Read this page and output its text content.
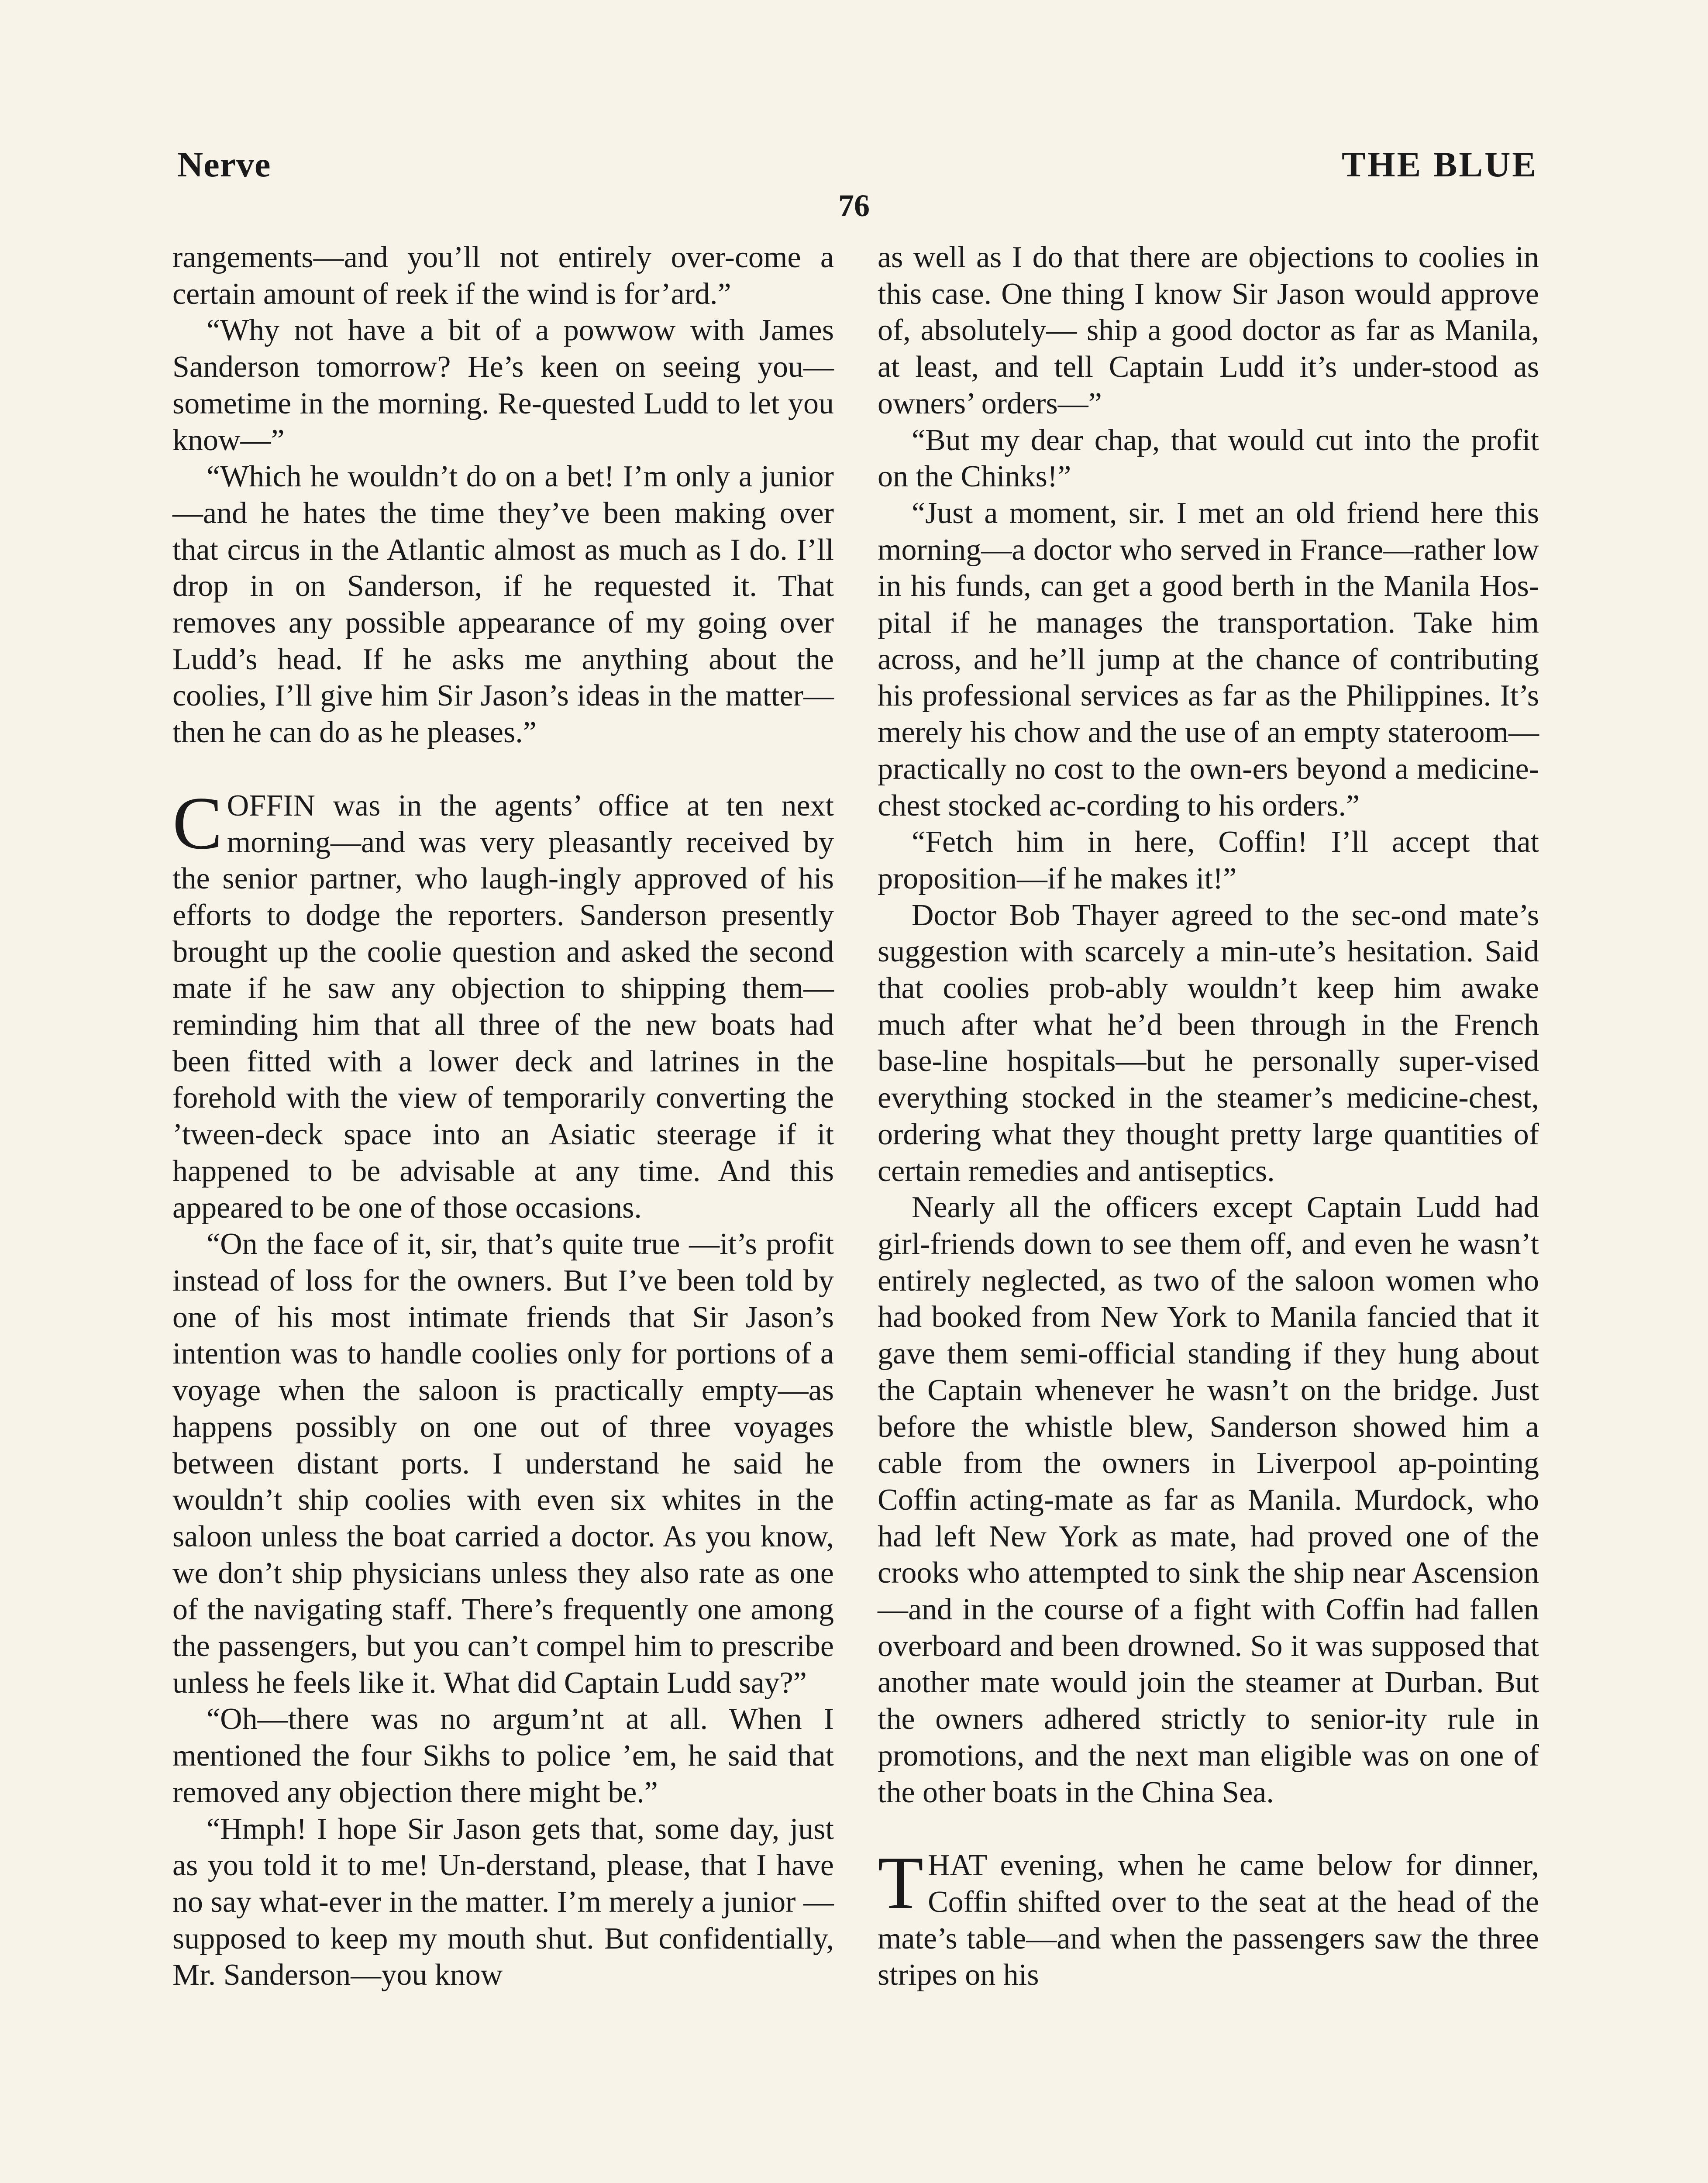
Nerve	THE BLUE
76

rangements—and you’ll not entirely over-come a certain amount of reek if the wind is for’ard.”

“Why not have a bit of a powwow with James Sanderson tomorrow? He’s keen on seeing you—sometime in the morning. Re-quested Ludd to let you know—”

“Which he wouldn’t do on a bet! I’m only a junior—and he hates the time they’ve been making over that circus in the Atlantic almost as much as I do. I’ll drop in on Sanderson, if he requested it. That removes any possible appearance of my going over Ludd’s head. If he asks me anything about the coolies, I’ll give him Sir Jason’s ideas in the matter—then he can do as he pleases.”

COFFIN was in the agents’ office at ten next morning—and was very pleasantly received by the senior partner, who laugh-ingly approved of his efforts to dodge the reporters. Sanderson presently brought up the coolie question and asked the second mate if he saw any objection to shipping them—reminding him that all three of the new boats had been fitted with a lower deck and latrines in the forehold with the view of temporarily converting the ’tween-deck space into an Asiatic steerage if it happened to be advisable at any time. And this appeared to be one of those occasions.

“On the face of it, sir, that’s quite true —it’s profit instead of loss for the owners. But I’ve been told by one of his most intimate friends that Sir Jason’s intention was to handle coolies only for portions of a voyage when the saloon is practically empty—as happens possibly on one out of three voyages between distant ports. I understand he said he wouldn’t ship coolies with even six whites in the saloon unless the boat carried a doctor. As you know, we don’t ship physicians unless they also rate as one of the navigating staff. There’s frequently one among the passengers, but you can’t compel him to prescribe unless he feels like it. What did Captain Ludd say?”

“Oh—there was no argum’nt at all. When I mentioned the four Sikhs to police ’em, he said that removed any objection there might be.”

“Hmph! I hope Sir Jason gets that, some day, just as you told it to me! Un-derstand, please, that I have no say what-ever in the matter. I’m merely a junior —supposed to keep my mouth shut. But confidentially, Mr. Sanderson—you know

as well as I do that there are objections to coolies in this case. One thing I know Sir Jason would approve of, absolutely— ship a good doctor as far as Manila, at least, and tell Captain Ludd it’s under-stood as owners’ orders—”

“But my dear chap, that would cut into the profit on the Chinks!”

“Just a moment, sir. I met an old friend here this morning—a doctor who served in France—rather low in his funds, can get a good berth in the Manila Hos-pital if he manages the transportation. Take him across, and he’ll jump at the chance of contributing his professional services as far as the Philippines. It’s merely his chow and the use of an empty stateroom—practically no cost to the own-ers beyond a medicine-chest stocked ac-cording to his orders.”

“Fetch him in here, Coffin! I’ll accept that proposition—if he makes it!”

Doctor Bob Thayer agreed to the sec-ond mate’s suggestion with scarcely a min-ute’s hesitation. Said that coolies prob-ably wouldn’t keep him awake much after what he’d been through in the French base-line hospitals—but he personally super-vised everything stocked in the steamer’s medicine-chest, ordering what they thought pretty large quantities of certain remedies and antiseptics.

Nearly all the officers except Captain Ludd had girl-friends down to see them off, and even he wasn’t entirely neglected, as two of the saloon women who had booked from New York to Manila fancied that it gave them semi-official standing if they hung about the Captain whenever he wasn’t on the bridge. Just before the whistle blew, Sanderson showed him a cable from the owners in Liverpool ap-pointing Coffin acting-mate as far as Manila. Murdock, who had left New York as mate, had proved one of the crooks who attempted to sink the ship near Ascension—and in the course of a fight with Coffin had fallen overboard and been drowned. So it was supposed that another mate would join the steamer at Durban. But the owners adhered strictly to senior-ity rule in promotions, and the next man eligible was on one of the other boats in the China Sea.

THAT evening, when he came below for dinner, Coffin shifted over to the seat at the head of the mate’s table—and when the passengers saw the three stripes on his
